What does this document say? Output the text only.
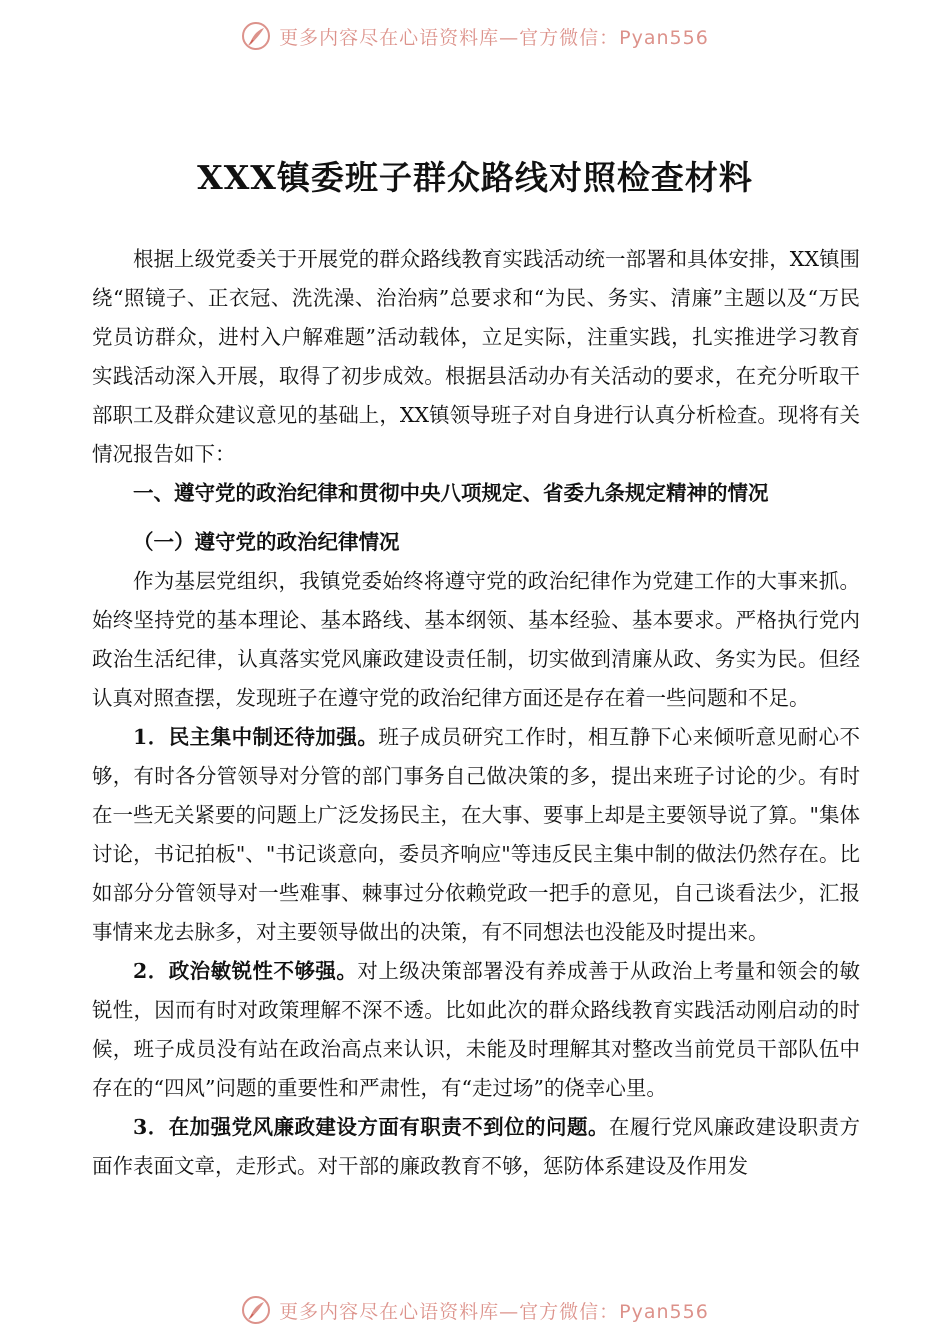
更多内容尽在心语资料库—官方微信：Pyan556
XXX镇委班子群众路线对照检查材料

根据上级党委关于开展党的群众路线教育实践活动统一部署和具体安排，XX镇围绕“照镜子、正衣冠、洗洗澡、治治病”总要求和“为民、务实、清廉”主题以及“万民党员访群众，进村入户解难题”活动载体，立足实际，注重实践，扎实推进学习教育实践活动深入开展，取得了初步成效。根据县活动办有关活动的要求，在充分听取干部职工及群众建议意见的基础上，XX镇领导班子对自身进行认真分析检查。现将有关情况报告如下：

一、遵守党的政治纪律和贯彻中央八项规定、省委九条规定精神的情况

（一）遵守党的政治纪律情况

作为基层党组织，我镇党委始终将遵守党的政治纪律作为党建工作的大事来抓。始终坚持党的基本理论、基本路线、基本纲领、基本经验、基本要求。严格执行党内政治生活纪律，认真落实党风廉政建设责任制，切实做到清廉从政、务实为民。但经认真对照查摆，发现班子在遵守党的政治纪律方面还是存在着一些问题和不足。

1．民主集中制还待加强。班子成员研究工作时，相互静下心来倾听意见耐心不够，有时各分管领导对分管的部门事务自己做决策的多，提出来班子讨论的少。有时在一些无关紧要的问题上广泛发扬民主，在大事、要事上却是主要领导说了算。"集体讨论，书记拍板"、"书记谈意向，委员齐响应"等违反民主集中制的做法仍然存在。比如部分分管领导对一些难事、棘事过分依赖党政一把手的意见，自己谈看法少，汇报事情来龙去脉多，对主要领导做出的决策，有不同想法也没能及时提出来。

2．政治敏锐性不够强。对上级决策部署没有养成善于从政治上考量和领会的敏锐性，因而有时对政策理解不深不透。比如此次的群众路线教育实践活动刚启动的时候，班子成员没有站在政治高点来认识，未能及时理解其对整改当前党员干部队伍中存在的“四风”问题的重要性和严肃性，有“走过场”的侥幸心里。

3．在加强党风廉政建设方面有职责不到位的问题。在履行党风廉政建设职责方面作表面文章，走形式。对干部的廉政教育不够，惩防体系建设及作用发

更多内容尽在心语资料库—官方微信：Pyan556
